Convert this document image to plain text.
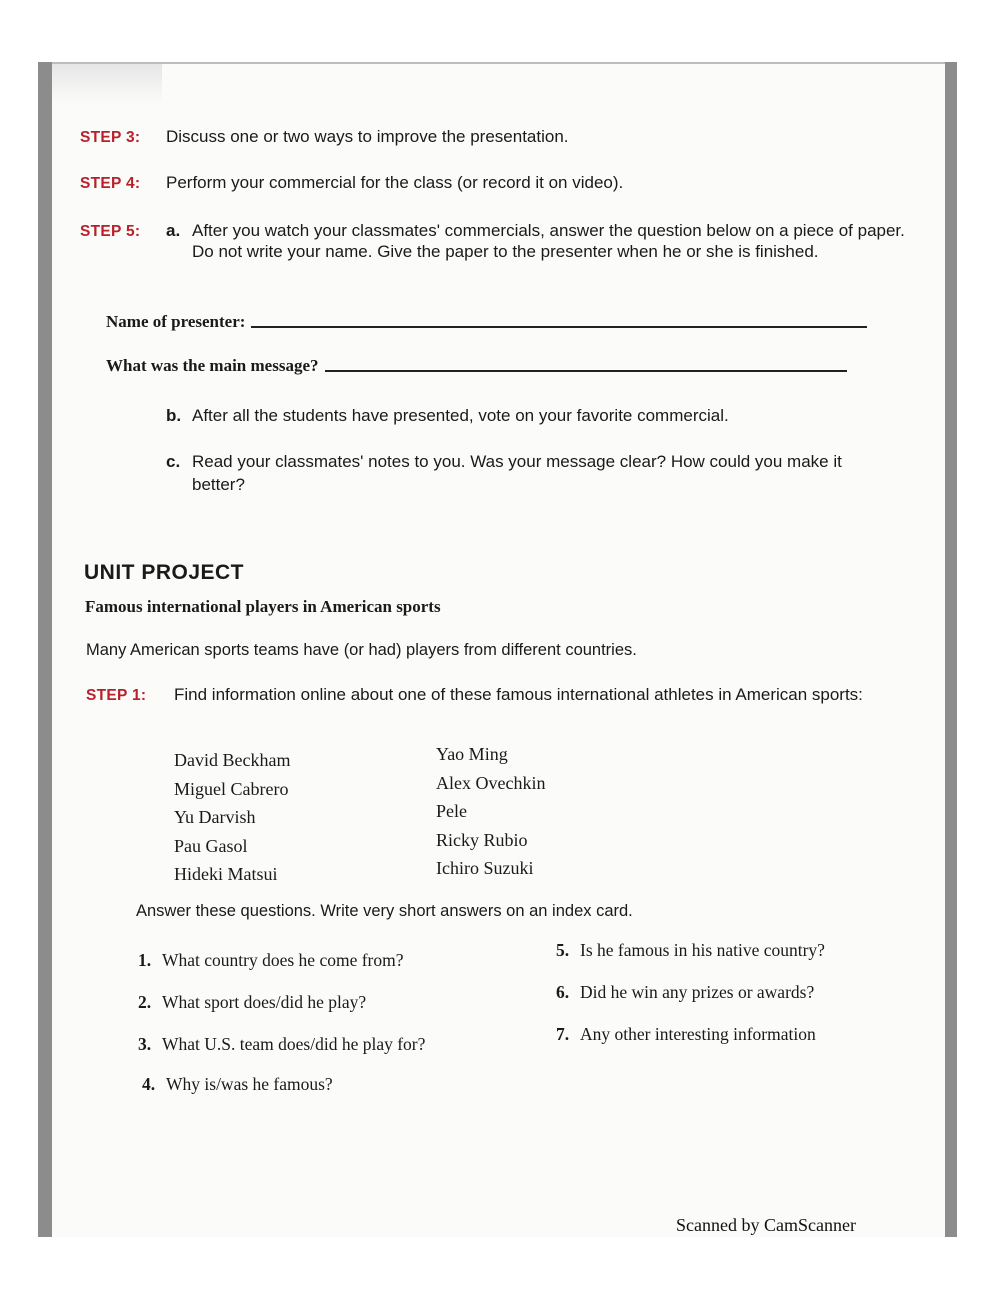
STEP 3: Discuss one or two ways to improve the presentation.
STEP 4: Perform your commercial for the class (or record it on video).
STEP 5:	a. After you watch your classmates' commercials, answer the question below on a piece of paper. Do not write your name. Give the paper to the presenter when he or she is finished.
Name of presenter:
What was the main message?
b. After all the students have presented, vote on your favorite commercial.
c. Read your classmates' notes to you. Was your message clear? How could you make it better?
UNIT PROJECT
Famous international players in American sports
Many American sports teams have (or had) players from different countries.
STEP 1: Find information online about one of these famous international athletes in American sports:
David Beckham
Miguel Cabrero
Yu Darvish
Pau Gasol
Hideki Matsui
Yao Ming
Alex Ovechkin
Pele
Ricky Rubio
Ichiro Suzuki
Answer these questions. Write very short answers on an index card.
1. What country does he come from?
2. What sport does/did he play?
3. What U.S. team does/did he play for?
4. Why is/was he famous?
5. Is he famous in his native country?
6. Did he win any prizes or awards?
7. Any other interesting information
Scanned by CamScanner
